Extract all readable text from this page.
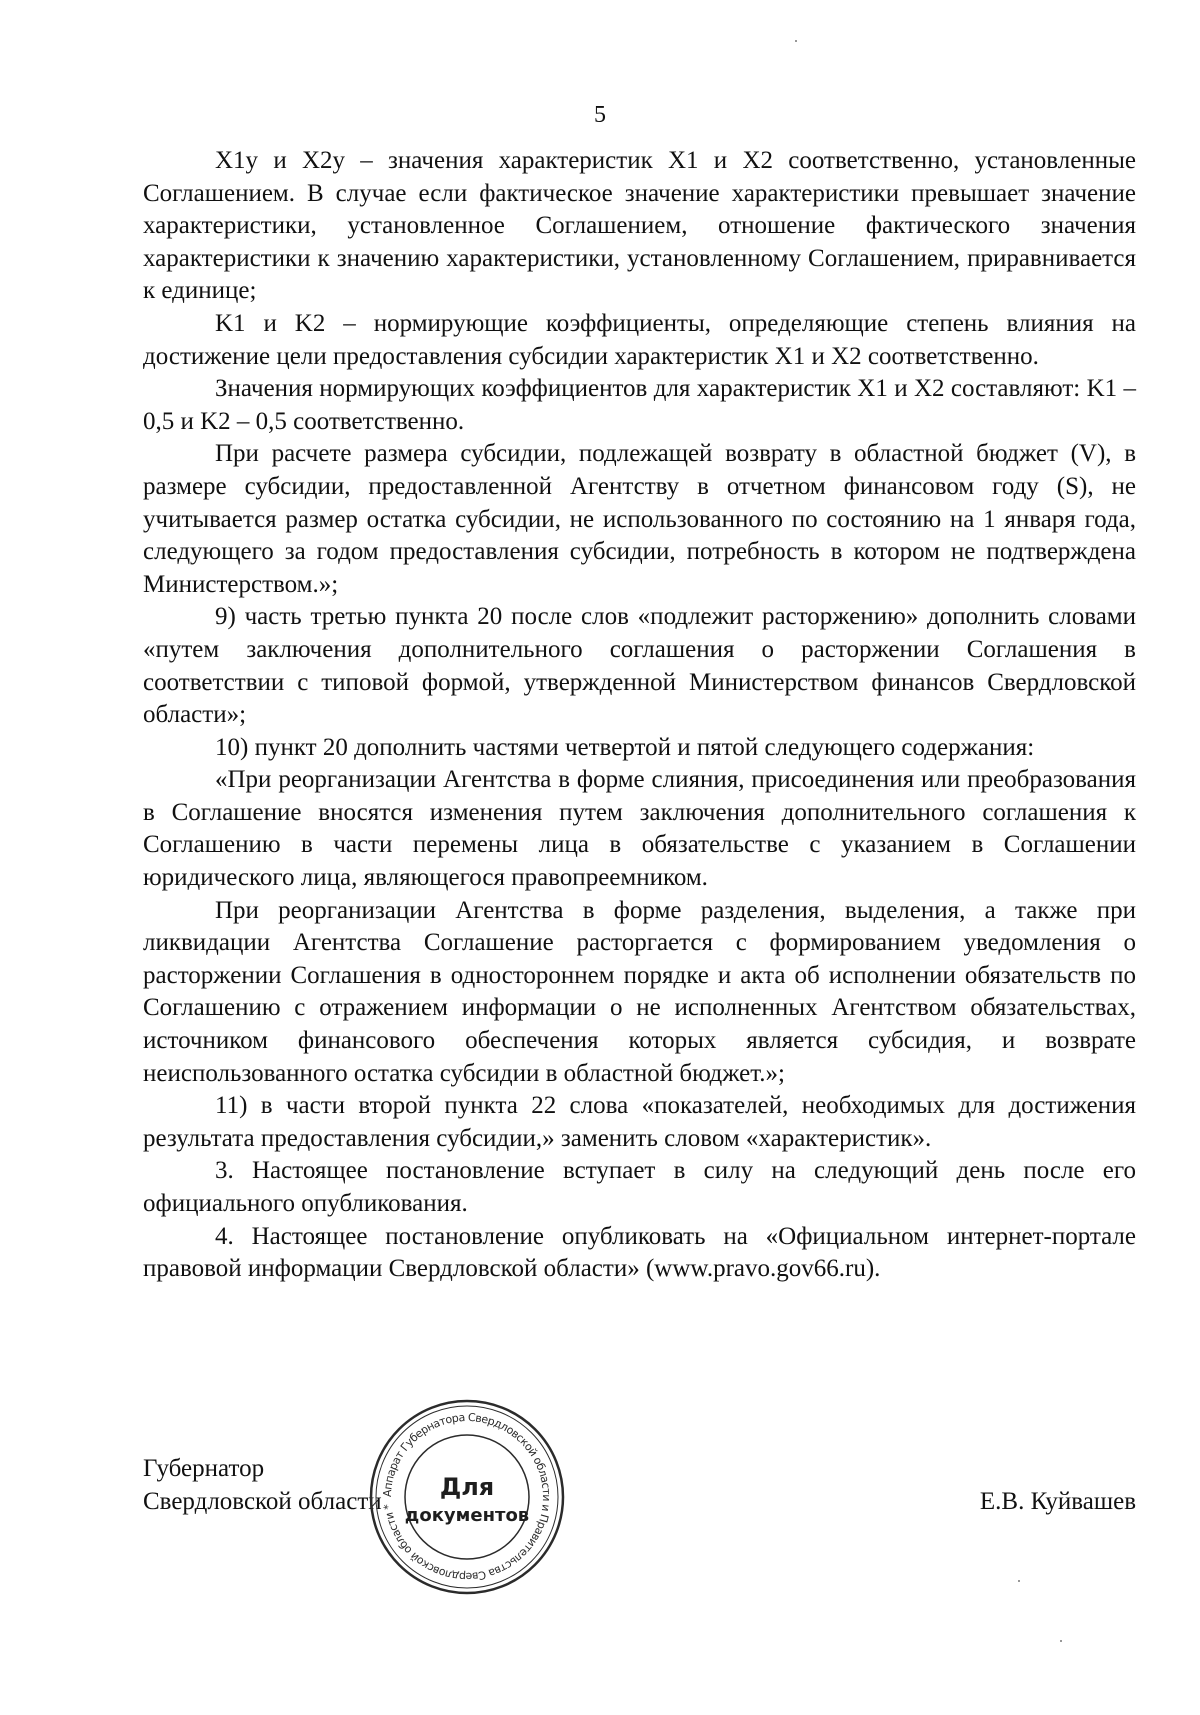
5

X1у и X2у – значения характеристик X1 и X2 соответственно, установленные Соглашением. В случае если фактическое значение характеристики превышает значение характеристики, установленное Соглашением, отношение фактического значения характеристики к значению характеристики, установленному Соглашением, приравнивается к единице;

K1 и K2 – нормирующие коэффициенты, определяющие степень влияния на достижение цели предоставления субсидии характеристик X1 и X2 соответственно.

Значения нормирующих коэффициентов для характеристик X1 и X2 составляют: K1 – 0,5 и K2 – 0,5 соответственно.

При расчете размера субсидии, подлежащей возврату в областной бюджет (V), в размере субсидии, предоставленной Агентству в отчетном финансовом году (S), не учитывается размер остатка субсидии, не использованного по состоянию на 1 января года, следующего за годом предоставления субсидии, потребность в котором не подтверждена Министерством.»;

9) часть третью пункта 20 после слов «подлежит расторжению» дополнить словами «путем заключения дополнительного соглашения о расторжении Соглашения в соответствии с типовой формой, утвержденной Министерством финансов Свердловской области»;

10) пункт 20 дополнить частями четвертой и пятой следующего содержания:

«При реорганизации Агентства в форме слияния, присоединения или преобразования в Соглашение вносятся изменения путем заключения дополнительного соглашения к Соглашению в части перемены лица в обязательстве с указанием в Соглашении юридического лица, являющегося правопреемником.

При реорганизации Агентства в форме разделения, выделения, а также при ликвидации Агентства Соглашение расторгается с формированием уведомления о расторжении Соглашения в одностороннем порядке и акта об исполнении обязательств по Соглашению с отражением информации о не исполненных Агентством обязательствах, источником финансового обеспечения которых является субсидия, и возврате неиспользованного остатка субсидии в областной бюджет.»;

11) в части второй пункта 22 слова «показателей, необходимых для достижения результата предоставления субсидии,» заменить словом «характеристик».

3. Настоящее постановление вступает в силу на следующий день после его официального опубликования.

4. Настоящее постановление опубликовать на «Официальном интернет-портале правовой информации Свердловской области» (www.pravo.gov66.ru).

Губернатор
Свердловской области	Е.В. Куйвашев
Аппарат Губернатора Свердловской области и Правительства Свердловской области *
Для
документов
